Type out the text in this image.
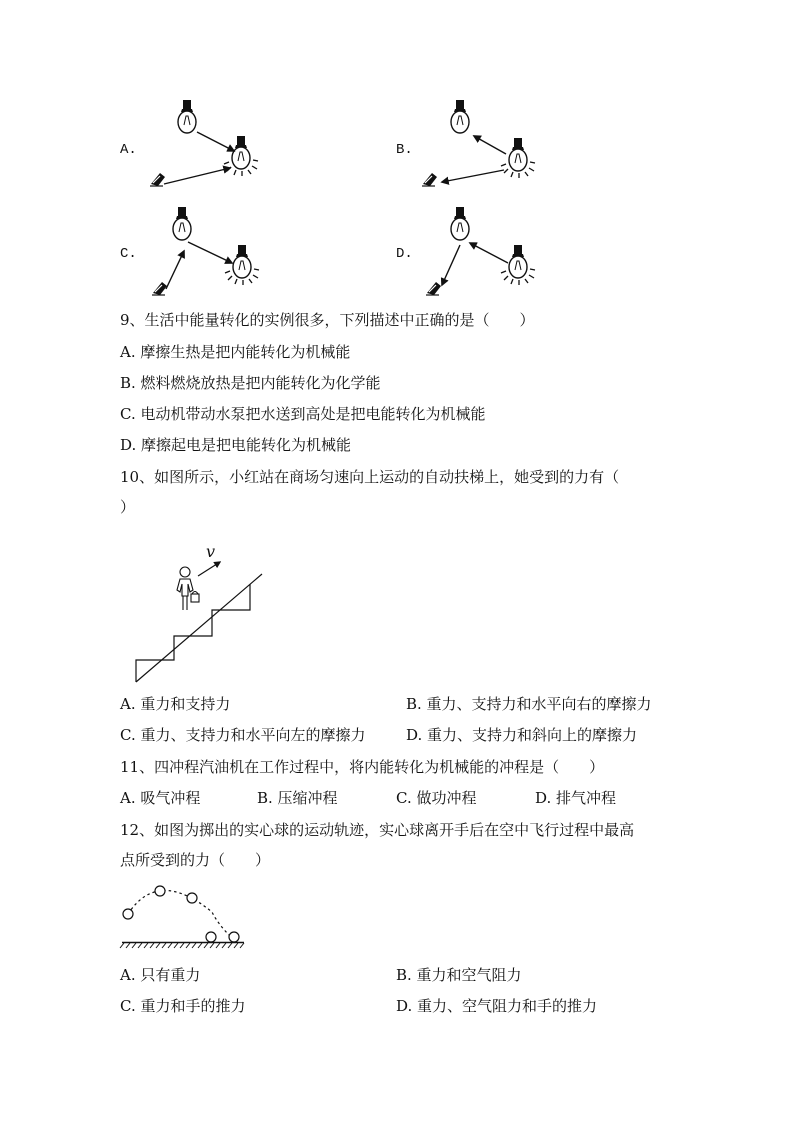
A.	B.
C.	D.
9、生活中能量转化的实例很多，下列描述中正确的是（　　）
A. 摩擦生热是把内能转化为机械能
B. 燃料燃烧放热是把内能转化为化学能
C. 电动机带动水泵把水送到高处是把电能转化为机械能
D. 摩擦起电是把电能转化为机械能
10、如图所示，小红站在商场匀速向上运动的自动扶梯上，她受到的力有（
）
v
A. 重力和支持力	B. 重力、支持力和水平向右的摩擦力
C. 重力、支持力和水平向左的摩擦力	D. 重力、支持力和斜向上的摩擦力
11、四冲程汽油机在工作过程中，将内能转化为机械能的冲程是（　　）
A. 吸气冲程	B. 压缩冲程	C. 做功冲程	D. 排气冲程
12、如图为掷出的实心球的运动轨迹，实心球离开手后在空中飞行过程中最高
点所受到的力（　　）
A. 只有重力	B. 重力和空气阻力
C. 重力和手的推力	D. 重力、空气阻力和手的推力
